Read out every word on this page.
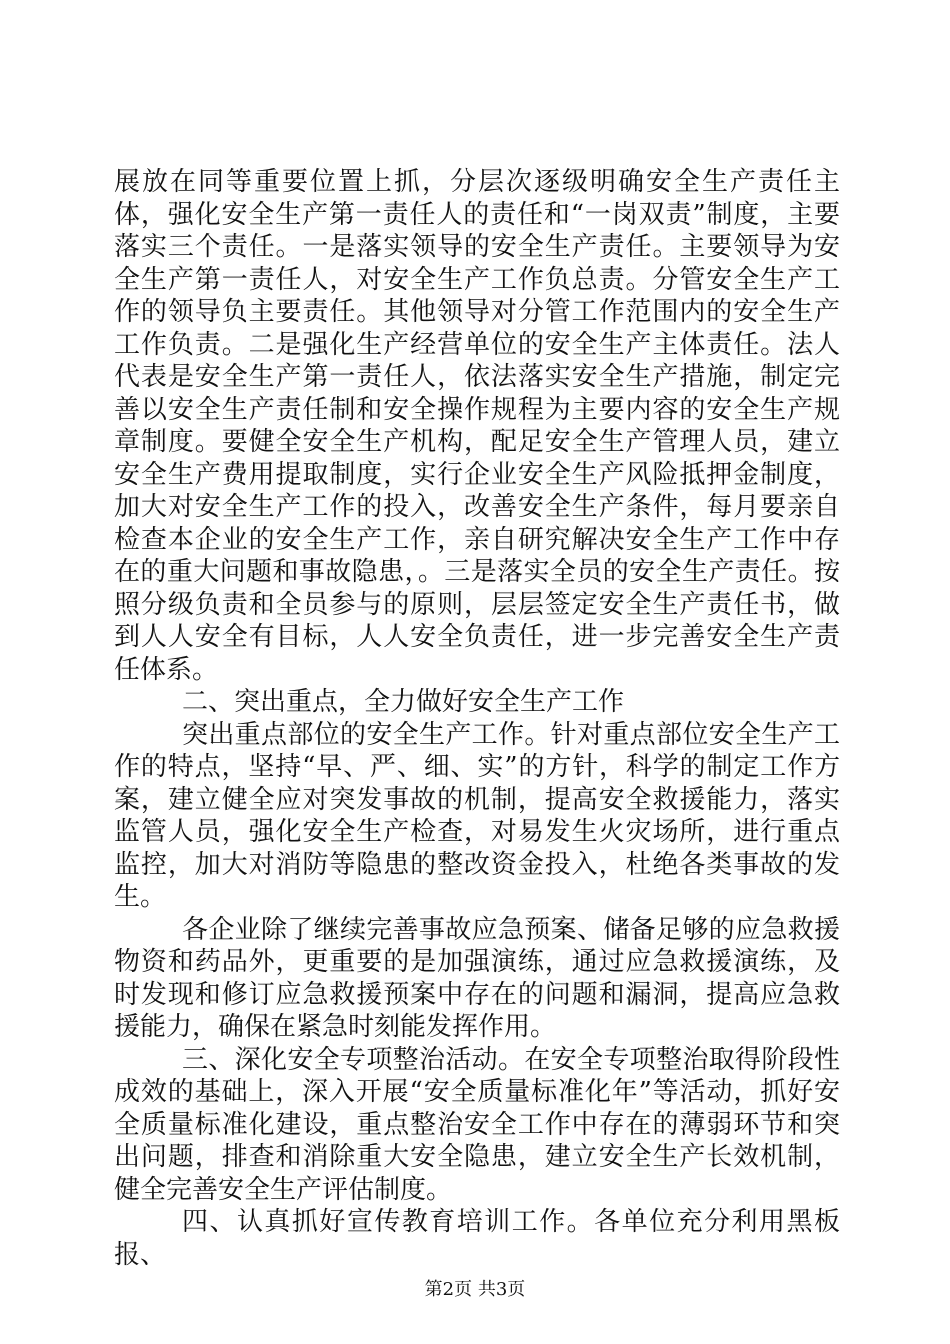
展放在同等重要位置上抓，分层次逐级明确安全生产责任主体，强化安全生产第一责任人的责任和“一岗双责”制度，主要落实三个责任。一是落实领导的安全生产责任。主要领导为安全生产第一责任人，对安全生产工作负总责。分管安全生产工作的领导负主要责任。其他领导对分管工作范围内的安全生产工作负责。二是强化生产经营单位的安全生产主体责任。法人代表是安全生产第一责任人，依法落实安全生产措施，制定完善以安全生产责任制和安全操作规程为主要内容的安全生产规章制度。要健全安全生产机构，配足安全生产管理人员，建立安全生产费用提取制度，实行企业安全生产风险抵押金制度，加大对安全生产工作的投入，改善安全生产条件，每月要亲自检查本企业的安全生产工作，亲自研究解决安全生产工作中存在的重大问题和事故隐患，。三是落实全员的安全生产责任。按照分级负责和全员参与的原则，层层签定安全生产责任书，做到人人安全有目标，人人安全负责任，进一步完善安全生产责任体系。

二、突出重点，全力做好安全生产工作

突出重点部位的安全生产工作。针对重点部位安全生产工作的特点，坚持“早、严、细、实”的方针，科学的制定工作方案，建立健全应对突发事故的机制，提高安全救援能力，落实监管人员，强化安全生产检查，对易发生火灾场所，进行重点监控，加大对消防等隐患的整改资金投入，杜绝各类事故的发生。

各企业除了继续完善事故应急预案、储备足够的应急救援物资和药品外，更重要的是加强演练，通过应急救援演练，及时发现和修订应急救援预案中存在的问题和漏洞，提高应急救援能力，确保在紧急时刻能发挥作用。

三、深化安全专项整治活动。在安全专项整治取得阶段性成效的基础上，深入开展“安全质量标准化年”等活动，抓好安全质量标准化建设，重点整治安全工作中存在的薄弱环节和突出问题，排查和消除重大安全隐患，建立安全生产长效机制，健全完善安全生产评估制度。

四、认真抓好宣传教育培训工作。各单位充分利用黑板报、

第2页 共3页
